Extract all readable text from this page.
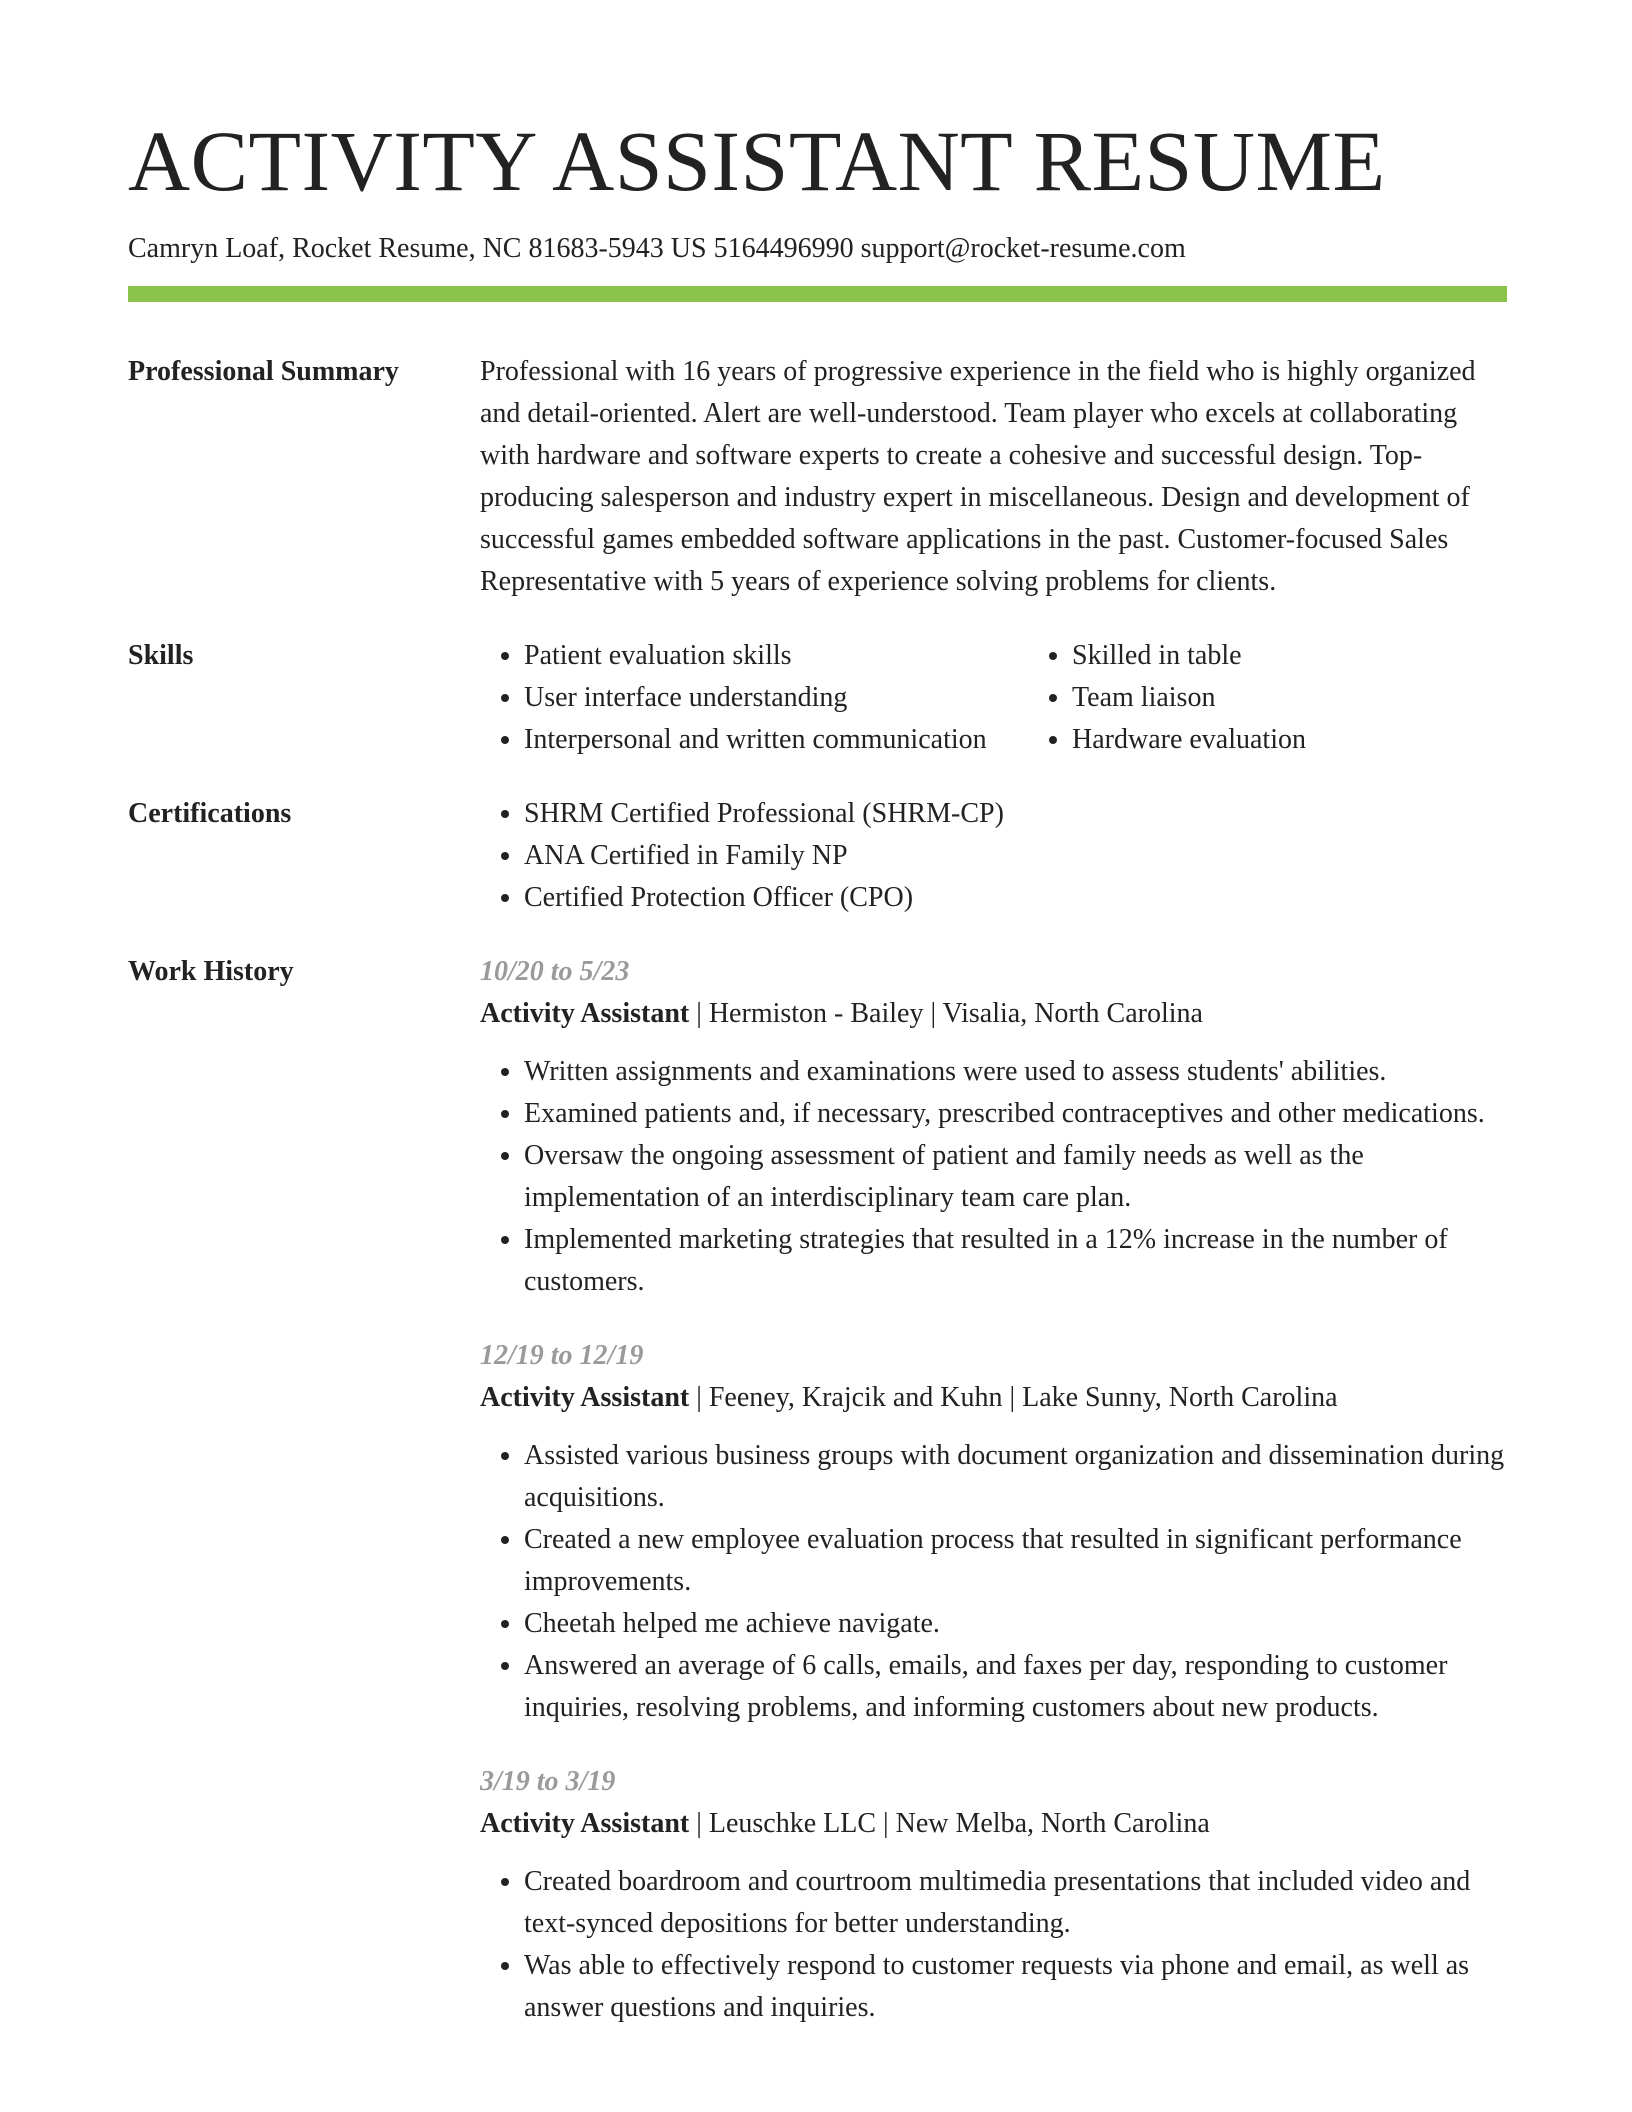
ACTIVITY ASSISTANT RESUME
Camryn Loaf, Rocket Resume, NC 81683-5943 US 5164496990 support@rocket-resume.com
Professional Summary	Professional with 16 years of progressive experience in the field who is highly organized and detail-oriented. Alert are well-understood. Team player who excels at collaborating with hardware and software experts to create a cohesive and successful design. Top-producing salesperson and industry expert in miscellaneous. Design and development of successful games embedded software applications in the past. Customer-focused Sales Representative with 5 years of experience solving problems for clients.

Skills	• Patient evaluation skills
• User interface understanding
• Interpersonal and written communication
• Skilled in table
• Team liaison
• Hardware evaluation
Certifications	• SHRM Certified Professional (SHRM-CP)
• ANA Certified in Family NP
• Certified Protection Officer (CPO)
Work History	10/20 to 5/23
Activity Assistant | Hermiston - Bailey | Visalia, North Carolina
• Written assignments and examinations were used to assess students' abilities.
• Examined patients and, if necessary, prescribed contraceptives and other medications.
• Oversaw the ongoing assessment of patient and family needs as well as the implementation of an interdisciplinary team care plan.
• Implemented marketing strategies that resulted in a 12% increase in the number of customers.
12/19 to 12/19
Activity Assistant | Feeney, Krajcik and Kuhn | Lake Sunny, North Carolina
• Assisted various business groups with document organization and dissemination during acquisitions.
• Created a new employee evaluation process that resulted in significant performance improvements.
• Cheetah helped me achieve navigate.
• Answered an average of 6 calls, emails, and faxes per day, responding to customer inquiries, resolving problems, and informing customers about new products.
3/19 to 3/19
Activity Assistant | Leuschke LLC | New Melba, North Carolina
• Created boardroom and courtroom multimedia presentations that included video and text-synced depositions for better understanding.
• Was able to effectively respond to customer requests via phone and email, as well as answer questions and inquiries.
